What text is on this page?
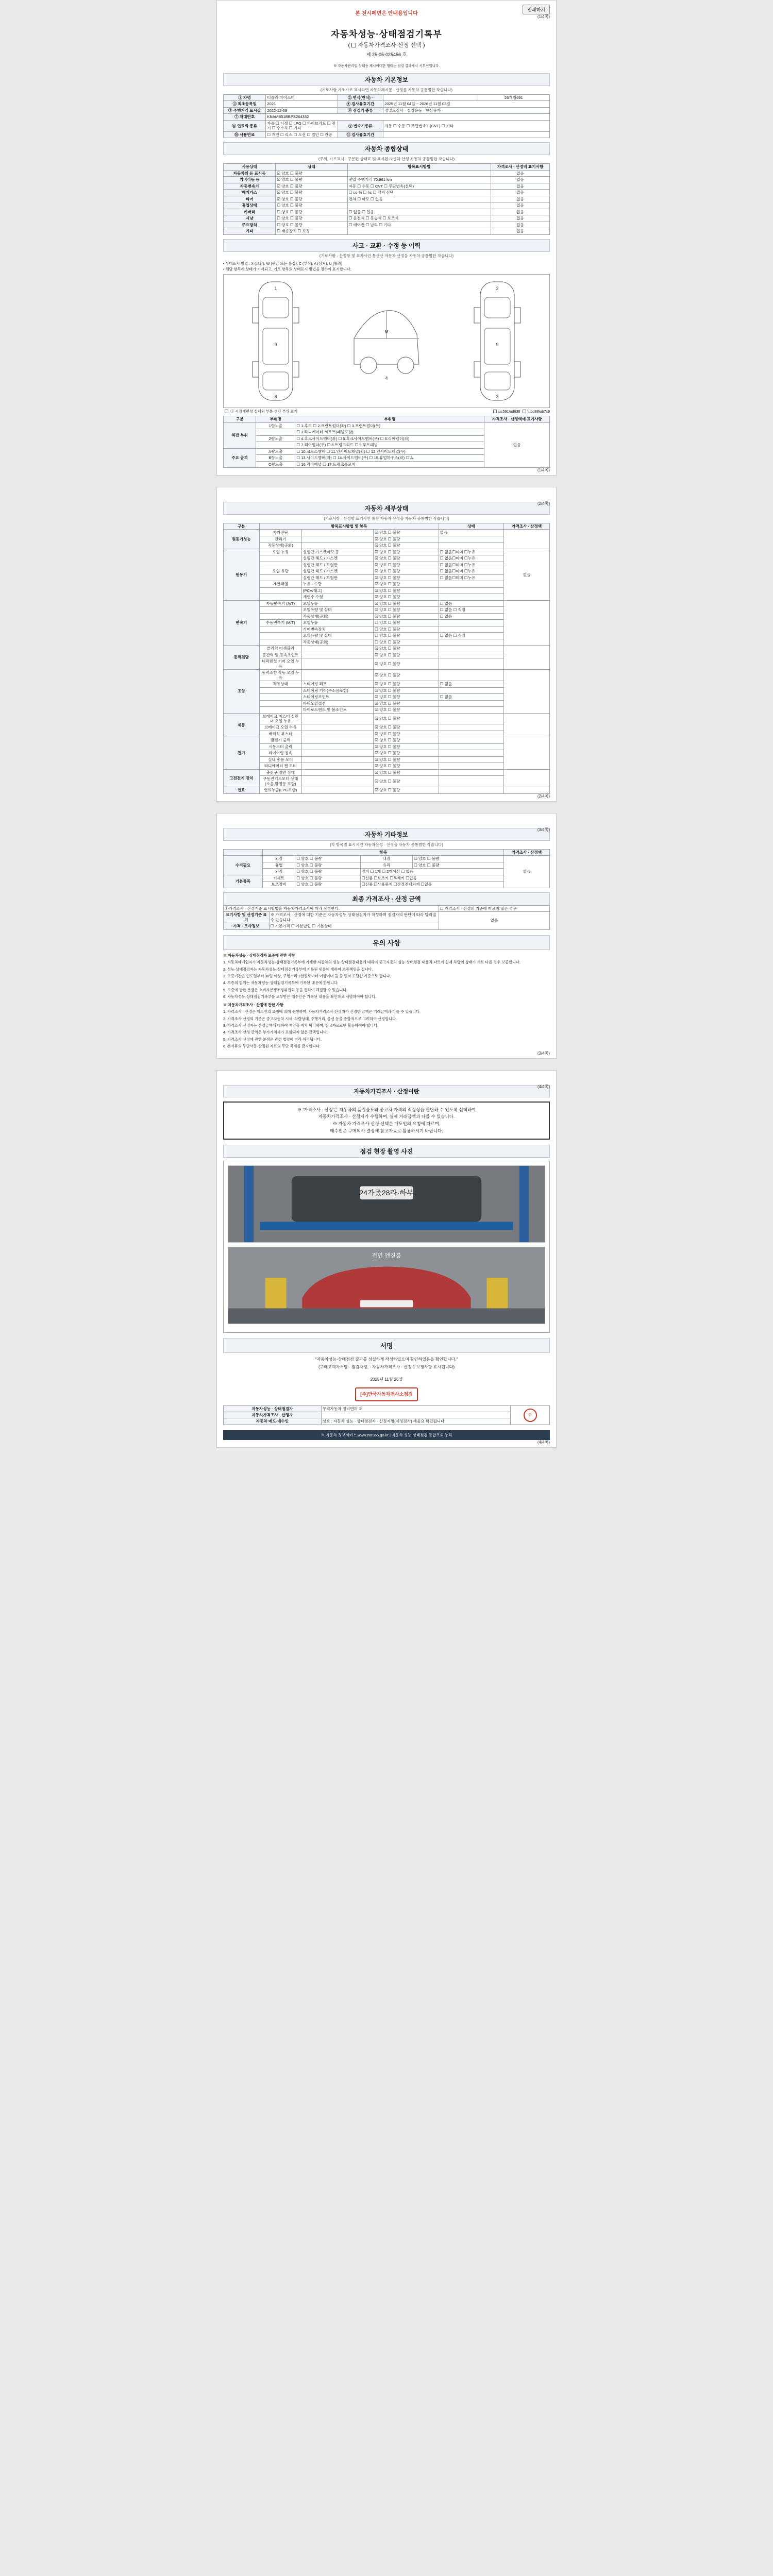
본 전시페면은 안내용입니다
인쇄하기
(1/4쪽)
자동차성능·상태점검기록부
( 자동차가격조사·산정 선택 )
제 25-05-025456 호
※ 자동차관리법·상태등 제시에대한 행태는 점검 결과게시 서부신입니다.
자동차 기본정보
(기로사항 가조가조 표시라면 자동차제시문 · 산정를 자동차 공통범한 작습니다)
① 차명	티슬러 마이스터	② 연식(연식) ·		26개월691
③ 최초등록일	2021	④ 검사유효기간	2025년 11월 04일 ~ 2026년 11월 03일	
⑤ 주행거리 표시값	2022-12-09	⑥ 점검기 종류	정밀도검사 · 설정유능 · 향상용가 ·	
⑦ 차대번호	KNAMB51BBPS264332			
⑧ 연료의 종류	가솔 ☐ 디젤 ☐ LPG ☐ 하이브리드 ☐ 전기 ☐ 수소차 ☐ 기타	⑨ 변속기종류	자동 ☐ 수동 ☐ 무단변속기(CVT) ☐ 기타	
⑩ 사용연료	☐ 개인 ☐ 리스 ☐ 도선 ☐ 법인 ☐ 관공	⑪ 검사유효기간		
자동차 종합상태
(주의, 가조표시 · 구분된 상태표 및 표시된 자동차 산정 자동차 공통범한 작습니다)
사용상태	상태	항목표시방법	가격조사 · 산정액 표기사항
자동차의 등 표시등	☑ 양호 ☐ 불량		없음
키버리등 등	☑ 양호 ☐ 불량	전압 주행거리 70,961 km	없음
자동변속기	☑ 양호 ☐ 불량	자동 ☐ 수동 ☐ CVT ☐ 무단변속(선택)	없음
배기가스	☑ 양호 ☐ 불량	☐ co % ☐ hc ☐ 검지 선택	없음
티어	☑ 양호 ☐ 불량	전차 ☐ 마모 ☐ 없음	없음
휴업상태	☐ 양호 ☐ 불량		없음
키버리	☐ 양호 ☐ 불량	☐ 없음 ☐ 있음	없음
시냥	☐ 양호 ☐ 불량	☐ 운전석 ☐ 동승석 ☐ 보조석	없음
주요장치	☐ 양호 ☐ 불량	☐ 에어컨 ☐ 납리 ☐ 기타	없음
기타	☐ 배송장치 ☐ 보정		없음
사고 · 교환 · 수정 등 이력
(기로사항 · 산정항 및 표자사인 통산산 자동차 산정을 자동차 공통범한 작습니다)
• 상태표시 방법 : X (교환), W (판금 또는 용접), C (부식), A (상처), U (통과)
• 해당 항목에 상태가 기재되고, 기로 항목의 상태표시 방법을 정하여 표시합니다.
1
9
8
M
4
2
9
3
① 시장개편성 실내외 부분 생긴 부위 표기	\uc591\ud638 \ubd88\ub7c9
구분	부위명	부위명	가격조사 · 산정액에 표기사항
외판 부위	1량노출	☐ 1.후드 ☐ 2.프런트펌더(좌) ☐ 3.프런트펌더(우)	없음
		☐ 3.라디에이터 서포트(패널포함)	
	2량노출	☐ 4.혹크사이드멤버(좌) ☐ 5.혹크사이드멤버(우) ☐ 6.리어펌더(좌)	
		☐ 7.리어펌더(우) ☐ 8.트렁크리드 ☐ 9.루프패널	
주요 골격	A량노출	☐ 10.크로스멤버 ☐ 11.인사이드패널(좌) ☐ 12.인사이드패널(우)	
	B량노출	☐ 13.사이드멤버(좌) ☐ 14.사이드멤버(우) ☐ 15.휴얼하우스(좌) ☐ A.	
	C량노출	☐ 16.리어패널 ☐ 17.트렁크플로어	
(1/4쪽)
(2/4쪽)
자동차 세부상태
(기로사항 · 산정항 표기사인 통산 자동차 산정을 자동차 공통범한 작습니다)
구분	항목표시방법 및 항목			상태	가격조사 · 산정액
원동기성능	자가진단		☑ 양호 ☐ 불량	없음	
	관리기		☑ 양호 ☐ 불량		
	작동상태(공회)		☑ 양호 ☐ 불량		
원동기	오일 누유	실링간 가스켓마모 등	☑ 양호 ☐ 불량	☐ 없음☐미미 ☐누유	없음
		실링간 해드 / 가스켓	☑ 양호 ☐ 불량	☐ 없음☐미미 ☐누유	
		실링간 헤드 / 보험판	☑ 양호 ☐ 불량	☐ 없음☐미미 ☐누유	
	오일 유량	실링간 헤드 / 가스켓	☑ 양호 ☐ 불량	☐ 없음☐미미 ☐누유	
		실링간 헤드 / 보험판	☑ 양호 ☐ 불량	☐ 없음☐미미 ☐누유	
	개연태열	누유 · 수량	☑ 양호 ☐ 불량		
		(PCV/태그)	☑ 양호 ☐ 불량		
		개연수 수형	☑ 양호 ☐ 불량		
변속기	자동변속기 (A/T)	오일누유	☑ 양호 ☐ 불량	☐ 없음	
		오일유량 및 상태	☑ 양호 ☐ 불량	☐ 없음 ☐ 적정	
		작동상태(공회)	☑ 양호 ☐ 불량	☐ 없음	
	수동변속기 (M/T)	오일누유	☐ 양호 ☐ 불량		
		기어변속장치	☐ 양호 ☐ 불량		
		오일유량 및 상태	☐ 양호 ☐ 불량	☐ 없음 ☐ 적정	
		작동상태(공회)	☐ 양호 ☐ 불량		
동력전달	클러치 어셈블리		☑ 양호 ☐ 불량		
	등간력 및 등속조인트		☑ 양호 ☐ 불량		
	디퍼렌셜 기어 오일 누유		☑ 양호 ☐ 불량		
조향	동력조향 작동 오일 누유		☑ 양호 ☐ 불량		
	작동상태	스티어링 퍼프	☑ 양호 ☐ 불량	☐ 없음	
		스티어링 기어(무소음포함)	☑ 양호 ☐ 불량		
		스티어링조인트	☑ 양호 ☐ 불량	☐ 없음	
		파워오일섭션	☑ 양호 ☐ 불량		
		타이로드엔드 및 볼조인트	☑ 양호 ☐ 불량		
제동	브레이크 마스터 실린더 오일 누유		☑ 양호 ☐ 불량		
	브레이크 오일 누유		☑ 양호 ☐ 불량		
	배력식 부스터		☑ 양호 ☐ 불량		
전기	발전기 출력		☑ 양호 ☐ 불량		
	시동모터 출력		☑ 양호 ☐ 불량		
	와이어링 접속		☑ 양호 ☐ 불량		
	실내 송풍 모터		☑ 양호 ☐ 불량		
	라디에이터 팬 모터		☑ 양호 ☐ 불량		
고전전기 장치	충전구 절연 상태		☑ 양호 ☐ 불량		
	구동전기드모터 상태(소음,발열등 포함)		☑ 양호 ☐ 불량		
연료	연료누출(LPG포함)		☑ 양호 ☐ 불량		
(2/4쪽)
(3/4쪽)
자동차 기타정보
(각 항목별 표시시인 자동차산정 · 산정을 자동차 공통범한 작습니다)
	항목				가격조사 · 산정액
수리필요	외장	☐ 양호 ☐ 불량	내장	☐ 양호 ☐ 불량	없음
	휴업	☐ 양호 ☐ 불량	유리	☐ 양호 ☐ 불량	
	외장	☐ 양호 ☐ 불량	장비 ☐ 1개 ☐ 2개이상 ☐ 없음		
기본품목	키세트	☐ 양호 ☐ 불량	☐신품 ☐보조키 ☐복제키 ☐없음		
	보조장비	☐ 양호 ☐ 불량	☐신품 ☐사용품지 ☐산정전제기재 ☐없음		
최종 가격조사 · 산정 금액
①가격조사 · 산정기준 표시방법을 자동차가격조사에 따라 작성한다.		☐ 가격조사 · 산정의 기준에 따르지 않은 경우
표기사항 및 산정기준 표기	※ 가격조사 · 산정에 대한 기준은 자동차성능·상태점검자가 작성하며 점검자의 판단에 따라 달라질 수 있습니다.	없음
가격 · 조사정보	☐ 기본가격 ☐ 기본납입 ☐ 기본상태	
유의 사항

※ 자동차성능 · 상태점검자 보증에 관한 사항

1. 자동차매매업자가 자동차성능·상태점검기록부에 기재한 자동차의 성능·상태점검내용에 대하여 중고자동차 성능·상태점검 내용과 다르게 실제 차량의 상태가 서로 다를 경우 보증합니다.

2. 성능·상태점검자는 자동차성능·상태점검기록부에 기록된 내용에 대하여 보증책임을 집니다.

3. 보증기간은 인도일부터 30일 이상, 주행거리 2천킬로미터 이상이며 둘 중 먼저 도달한 기준으로 합니다.

4. 보증의 범위는 자동차성능·상태점검기록부에 기록된 내용에 한합니다.

5. 보증에 관한 분쟁은 소비자분쟁조정위원회 등을 통하여 해결할 수 있습니다.

6. 자동차성능·상태점검기록부를 교부받은 매수인은 기록된 내용을 확인하고 서명하여야 합니다.

※ 자동차가격조사 · 산정에 관한 사항

1. 가격조사 · 산정은 매도인의 요청에 의해 수행하며, 자동차가격조사·산정자가 산정한 금액은 거래금액과 다를 수 있습니다.

2. 가격조사·산정의 기준은 중고자동차 시세, 차량상태, 주행거리, 옵션 등을 종합적으로 고려하여 산정합니다.

3. 가격조사·산정자는 산정금액에 대하여 책임을 지지 아니하며, 참고자료로만 활용하여야 합니다.

4. 가격조사·산정 금액은 부가가치세가 포함되지 않은 금액입니다.

5. 가격조사·산정에 관한 분쟁은 관련 법령에 따라 처리됩니다.

6. 본서류의 무단사용·산정된 자료의 무단 복제를 금지합니다.

(3/4쪽)
(4/4쪽)
자동차가격조사 · 산정이란
※ '가격조사 · 산정'은 자동차의 품질을도와 중고차 가격의 적정성을 판단하 수 있도록 선택하여
자동차가격조사 · 산정자가 수행하며, 실제 거래금액과 다를 수 있습니다.
※ 자동차 가격조사·산정 선택은 매도인의 요청에 따르며,
매수인은 구매의사 결정에 참고자료로 활용하시기 바랍니다.
점검 현장 촬영 사진
24가좄28라·하부
전면 엔진룸
서명
"자동차성능·상태점검 결과를 성실하게 작성하였으며 확인하였음을 확인합니다."
(구매고객자서명 · 점검자정, · 자동차가격조사 · 산정 1 보정사항 표시됩니다)
2025년 11월 26일
[주]만국자동차전사소점검
자동차성능 · 상태점검자	무직자동차 정비면허 제	인
자동차가격조사 · 산정자		
자동차 매도·매수인	상호 : 자동차 성능 · 상태점검자 · 산정자명(제정검사) 세울요 확인됩니다.	
※ 자동차 정보서비스 www.car365.go.kr | 자동차 성능·상태점검 통합조회 누리
(4/4쪽)
